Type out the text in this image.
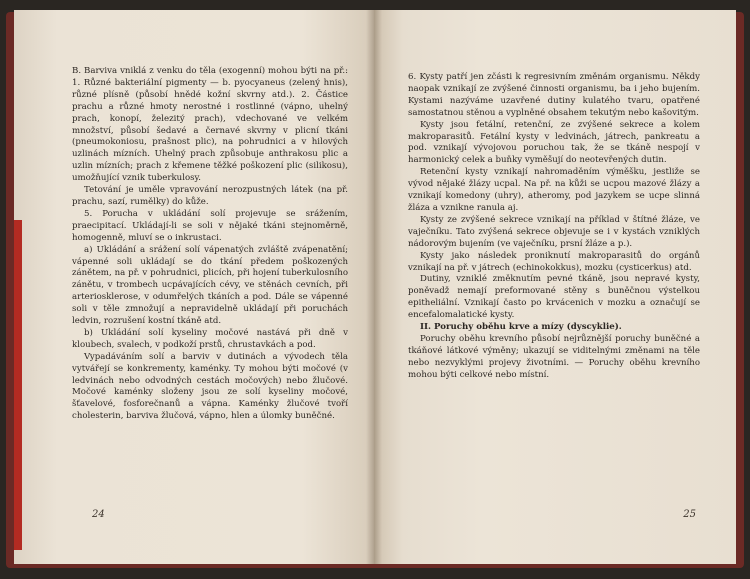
B. Barviva vniklá z venku do těla (exogenní) mohou býti na př.: 1. Různé bakteriální pigmenty — b. pyocyaneus (zelený hnis), různé plísně (působí hnědé kožní skvrny atd.). 2. Částice prachu a různé hmoty nerostné i rostlinné (vápno, uhelný prach, konopí, železitý prach), vdechované ve velkém množství, působí šedavé a černavé skvrny v plicní tkáni (pneumokoniosu, prašnost plic), na pohrudnici a v hilových uzlinách mízních. Uhelný prach způsobuje anthrakosu plic a uzlin mízních; prach z křemene těžké poškození plic (silikosu), umožňující vznik tuberkulosy.

Tetování je uměle vpravování nerozpustných látek (na př. prachu, sazí, rumělky) do kůže.

5. Porucha v ukládání solí projevuje se srážením, praecipitací. Ukládají-li se soli v nějaké tkáni stejnoměrně, homogenně, mluví se o inkrustaci.

a) Ukládání a srážení solí vápenatých zvláště zvápenatění; vápenné soli ukládají se do tkání předem poškozených zánětem, na př. v pohrudnici, plicích, při hojení tuberkulosního zánětu, v trombech ucpávajících cévy, ve stěnách cevních, při arteriosklerose, v odumřelých tkáních a pod. Dále se vápenné soli v těle zmnožují a nepravidelně ukládají při poruchách ledvin, rozrušení kostní tkáně atd.

b) Ukládání solí kyseliny močové nastává při dně v kloubech, svalech, v podkoží prstů, chrustavkách a pod.

Vypadáváním solí a barviv v dutinách a vývodech těla vytvářejí se konkrementy, kaménky. Ty mohou býti močové (v ledvinách nebo odvodných cestách močových) nebo žlučové. Močové kaménky složeny jsou ze solí kyseliny močové, šťavelové, fosforečnanů a vápna. Kaménky žlučové tvoří cholesterin, barviva žlučová, vápno, hlen a úlomky buněčné.

24

6. Kysty patří jen zčásti k regresivním změnám organismu. Někdy naopak vznikají ze zvýšené činnosti organismu, ba i jeho bujením. Kystami nazýváme uzavřené dutiny kulatého tvaru, opatřené samostatnou stěnou a vyplněné obsahem tekutým nebo kašovitým.

Kysty jsou fetální, retenční, ze zvýšené sekrece a kolem makroparasitů. Fetální kysty v ledvinách, játrech, pankreatu a pod. vznikají vývojovou poruchou tak, že se tkáně nespojí v harmonický celek a buňky vyměšují do neotevřených dutin.

Retenční kysty vznikají nahromaděním výměšku, jestliže se vývod nějaké žlázy ucpal. Na př. na kůži se ucpou mazové žlázy a vznikají komedony (uhry), atheromy, pod jazykem se ucpe slinná žláza a vznikne ranula aj.

Kysty ze zvýšené sekrece vznikají na příklad v štítné žláze, ve vaječníku. Tato zvýšená sekrece objevuje se i v kystách vzniklých nádorovým bujením (ve vaječníku, prsní žláze a p.).

Kysty jako následek proniknutí makroparasitů do orgánů vznikají na př. v játrech (echinokokkus), mozku (cysticerkus) atd.

Dutiny, vzniklé změknutím pevné tkáně, jsou nepravé kysty, poněvadž nemají preformované stěny s buněčnou výstelkou epitheliální. Vznikají často po krvácenich v mozku a označují se encefalomalatické kysty.

II. Poruchy oběhu krve a mízy (dyscyklie).

Poruchy oběhu krevního působí nejrůznější poruchy buněčné a tkáňové látkové výměny; ukazují se viditelnými změnami na těle nebo nezvyklými projevy životními. — Poruchy oběhu krevního mohou býti celkové nebo místní.

25
